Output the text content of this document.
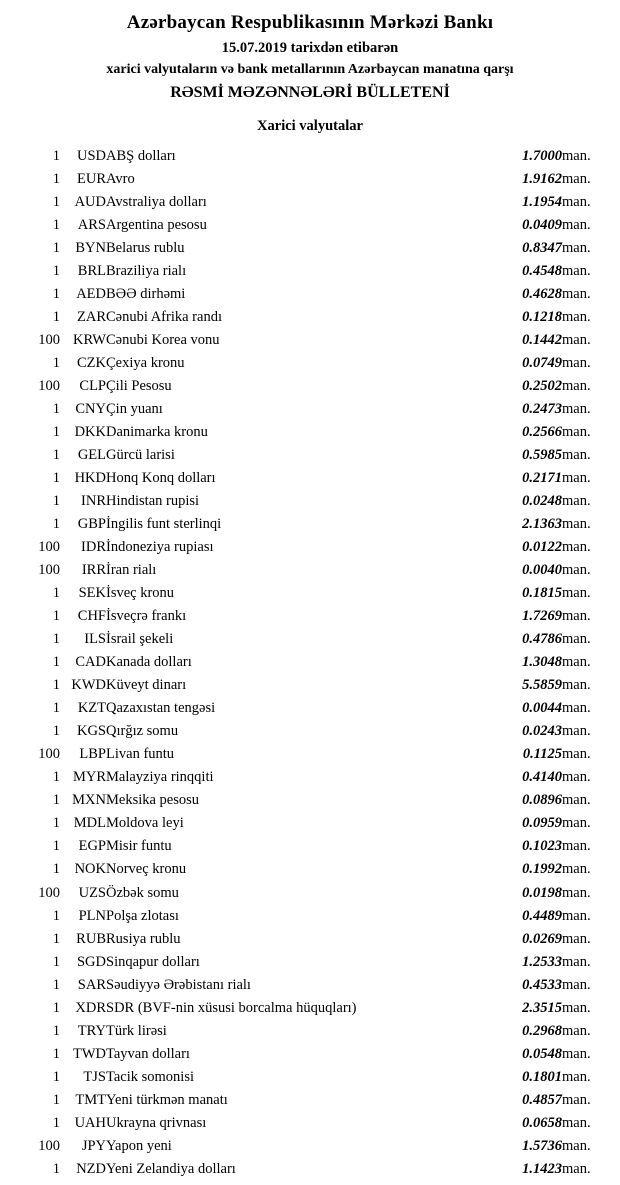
Azərbaycan Respublikasının Mərkəzi Bankı
15.07.2019 tarixdən etibarən
xarici valyutaların və bank metallarının Azərbaycan manatına qarşı
RƏSMİ MƏZƏNNƏLƏRİ BÜLLETENİ
Xarici valyutalar
1	USD	ABŞ dolları	1.7000	man.
1	EUR	Avro	1.9162	man.
1	AUD	Avstraliya dolları	1.1954	man.
1	ARS	Argentina pesosu	0.0409	man.
1	BYN	Belarus rublu	0.8347	man.
1	BRL	Braziliya rialı	0.4548	man.
1	AED	BƏƏ dirhəmi	0.4628	man.
1	ZAR	Cənubi Afrika randı	0.1218	man.
100	KRW	Cənubi Korea vonu	0.1442	man.
1	CZK	Çexiya kronu	0.0749	man.
100	CLP	Çili Pesosu	0.2502	man.
1	CNY	Çin yuanı	0.2473	man.
1	DKK	Danimarka kronu	0.2566	man.
1	GEL	Gürcü larisi	0.5985	man.
1	HKD	Honq Konq dolları	0.2171	man.
1	INR	Hindistan rupisi	0.0248	man.
1	GBP	İngilis funt sterlinqi	2.1363	man.
100	IDR	İndoneziya rupiası	0.0122	man.
100	IRR	İran rialı	0.0040	man.
1	SEK	İsveç kronu	0.1815	man.
1	CHF	İsveçrə frankı	1.7269	man.
1	ILS	İsrail şekeli	0.4786	man.
1	CAD	Kanada dolları	1.3048	man.
1	KWD	Küveyt dinarı	5.5859	man.
1	KZT	Qazaxıstan tengəsi	0.0044	man.
1	KGS	Qırğız somu	0.0243	man.
100	LBP	Livan funtu	0.1125	man.
1	MYR	Malayziya rinqqiti	0.4140	man.
1	MXN	Meksika pesosu	0.0896	man.
1	MDL	Moldova leyi	0.0959	man.
1	EGP	Misir funtu	0.1023	man.
1	NOK	Norveç kronu	0.1992	man.
100	UZS	Özbək somu	0.0198	man.
1	PLN	Polşa zlotası	0.4489	man.
1	RUB	Rusiya rublu	0.0269	man.
1	SGD	Sinqapur dolları	1.2533	man.
1	SAR	Səudiyyə Ərəbistanı rialı	0.4533	man.
1	XDR	SDR (BVF-nin xüsusi borcalma hüquqları)	2.3515	man.
1	TRY	Türk lirəsi	0.2968	man.
1	TWD	Tayvan dolları	0.0548	man.
1	TJS	Tacik somonisi	0.1801	man.
1	TMT	Yeni türkmən manatı	0.4857	man.
1	UAH	Ukrayna qrivnası	0.0658	man.
100	JPY	Yapon yeni	1.5736	man.
1	NZD	Yeni Zelandiya dolları	1.1423	man.
